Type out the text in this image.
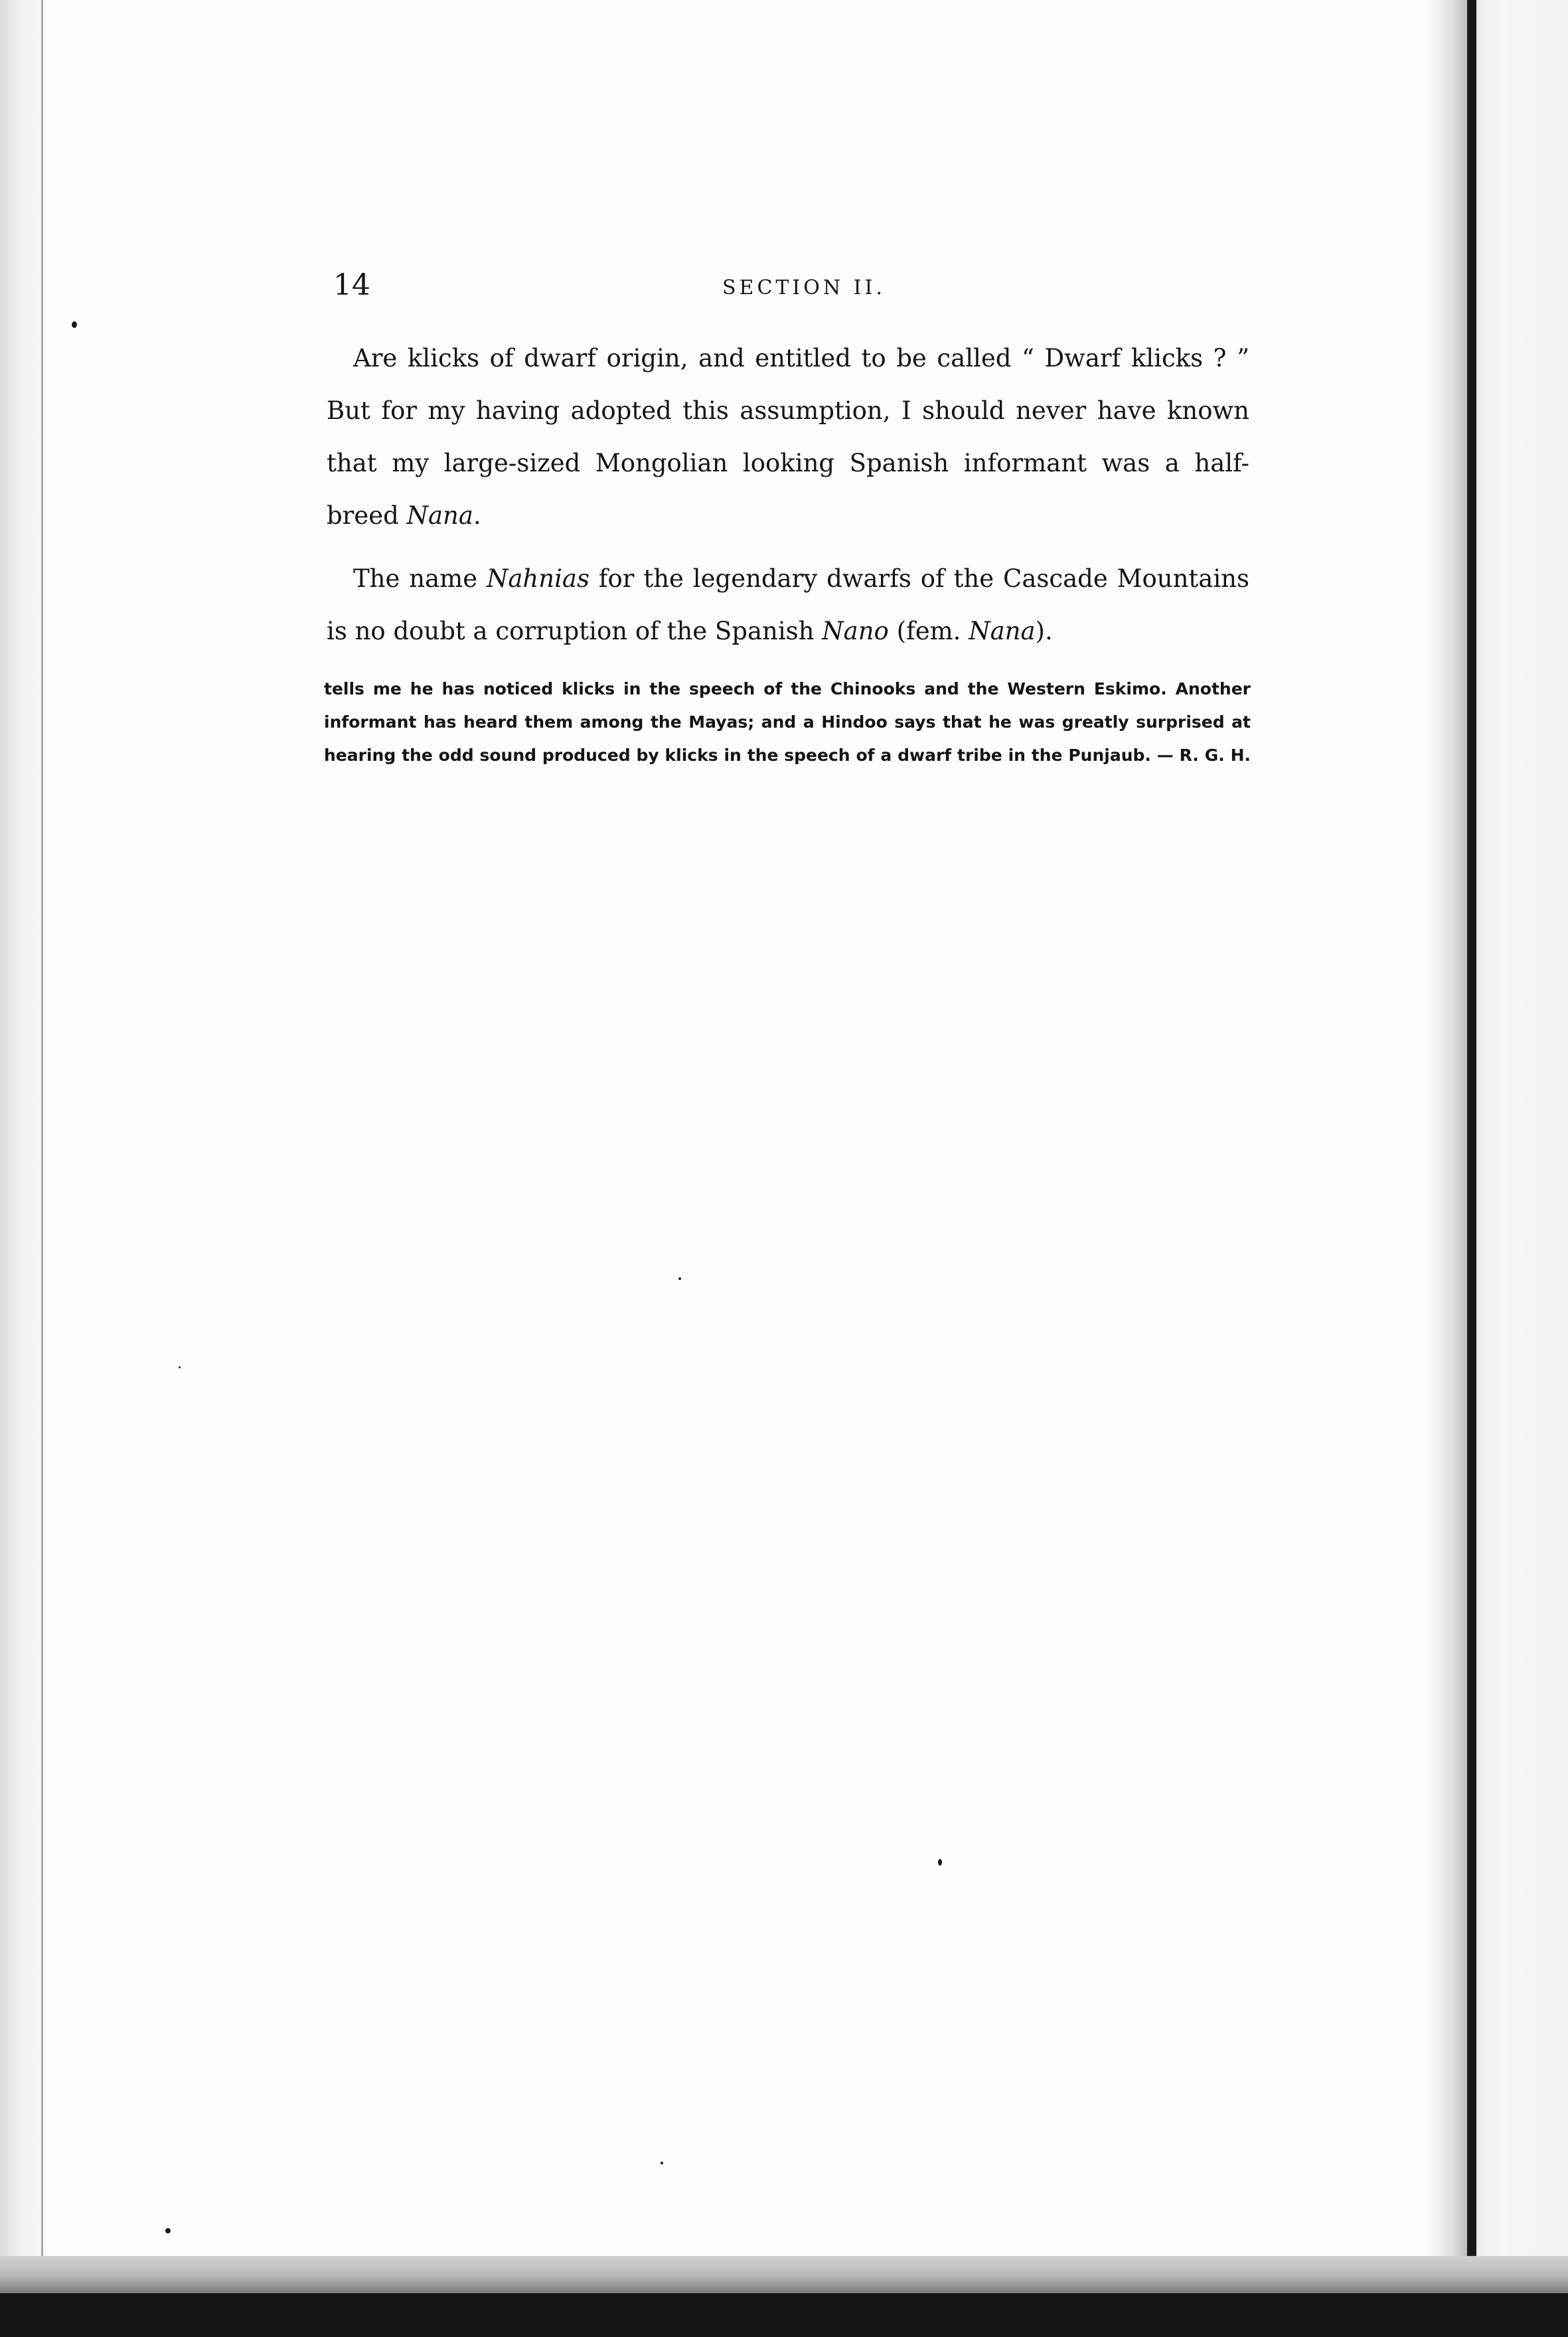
14	SECTION II.

Are klicks of dwarf origin, and entitled to be called “ Dwarf klicks ? ” But for my having adopted this assumption, I should never have known that my large-sized Mongolian looking Spanish informant was a half-breed Nana.

The name Nahnias for the legendary dwarfs of the Cascade Mountains is no doubt a corruption of the Spanish Nano (fem. Nana).

tells me he has noticed klicks in the speech of the Chinooks and the Western Eskimo. Another

informant has heard them among the Mayas; and a Hindoo says that he was greatly surprised at

hearing the odd sound produced by klicks in the speech of a dwarf tribe in the Punjaub. — R. G. H.
